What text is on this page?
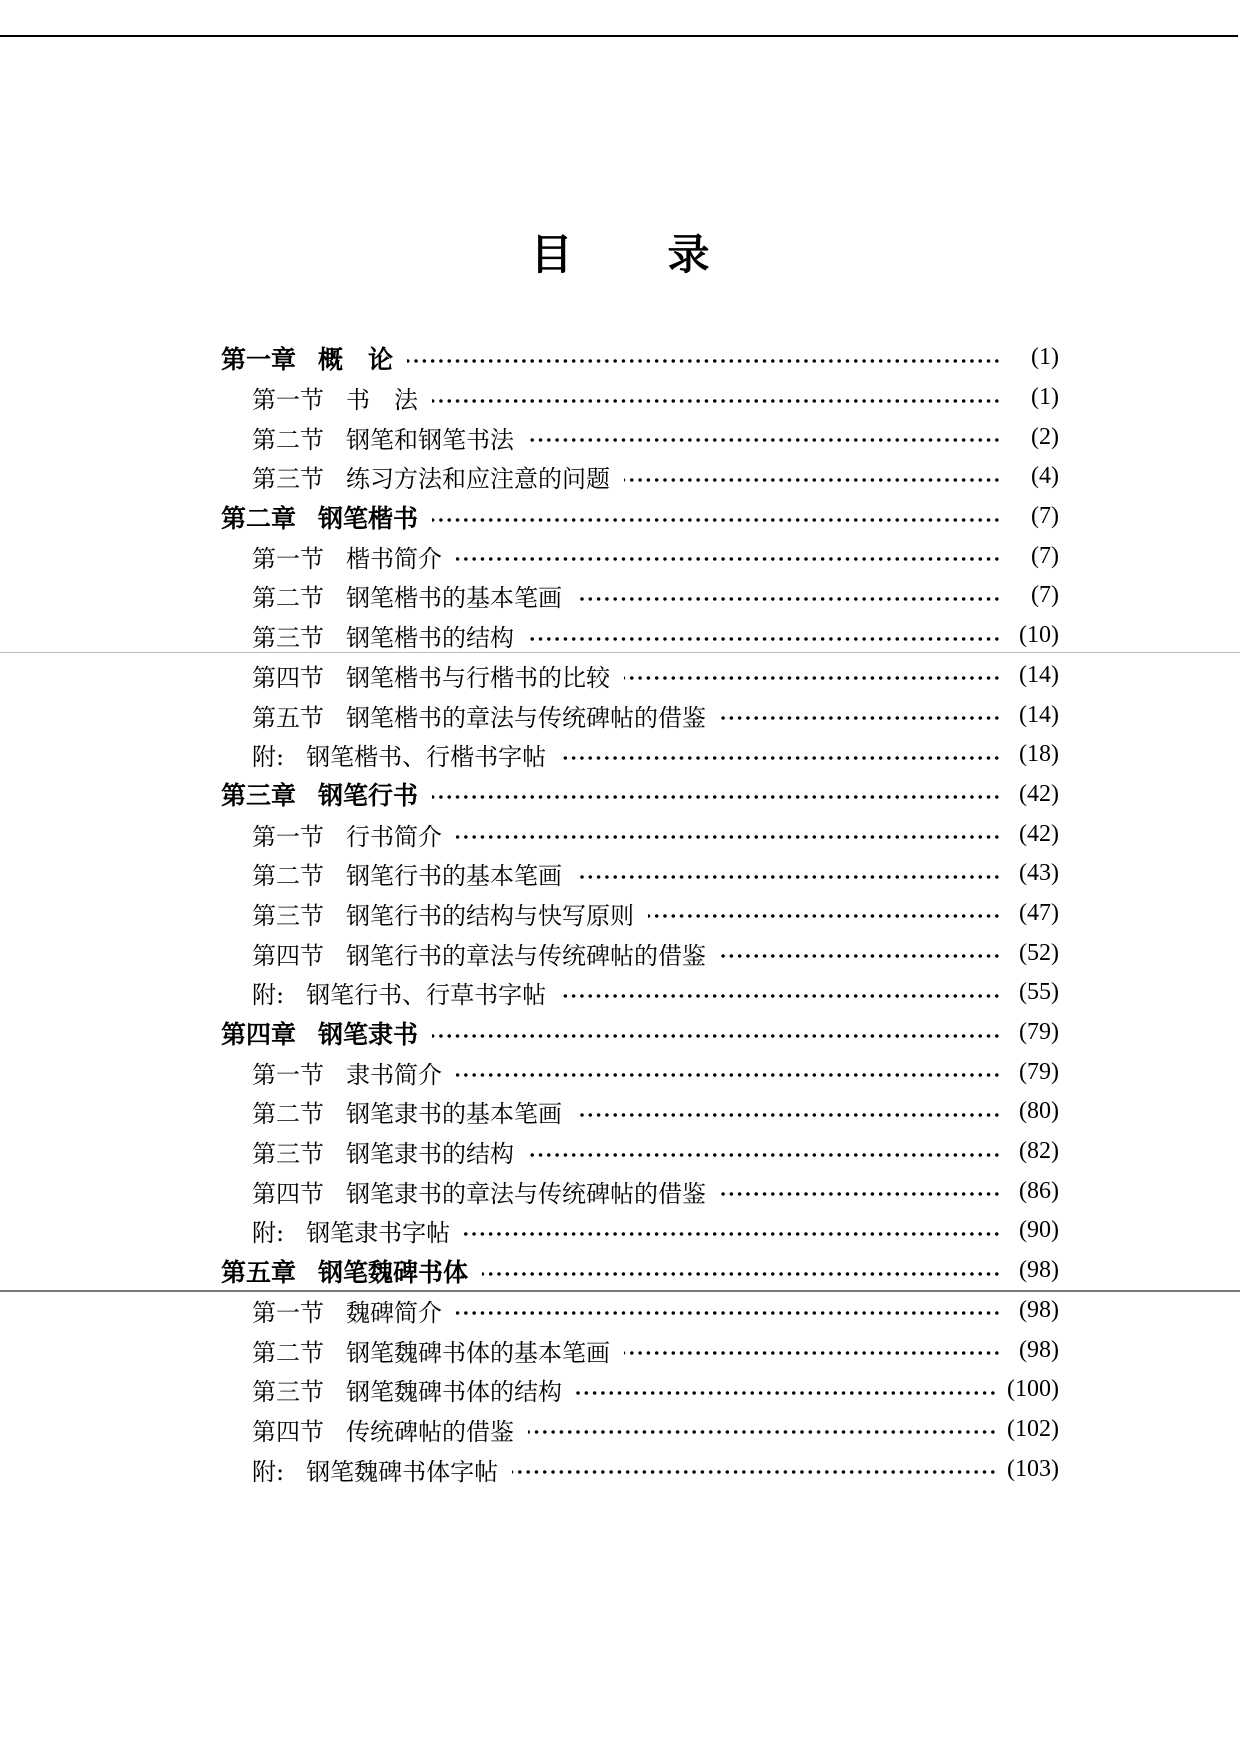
目 录
第一章 概　论	(1)
第一节 书　法	(1)
第二节 钢笔和钢笔书法	(2)
第三节 练习方法和应注意的问题	(4)
第二章 钢笔楷书	(7)
第一节 楷书简介	(7)
第二节 钢笔楷书的基本笔画	(7)
第三节 钢笔楷书的结构	(10)
第四节 钢笔楷书与行楷书的比较	(14)
第五节 钢笔楷书的章法与传统碑帖的借鉴	(14)
附: 钢笔楷书、行楷书字帖	(18)
第三章 钢笔行书	(42)
第一节 行书简介	(42)
第二节 钢笔行书的基本笔画	(43)
第三节 钢笔行书的结构与快写原则	(47)
第四节 钢笔行书的章法与传统碑帖的借鉴	(52)
附: 钢笔行书、行草书字帖	(55)
第四章 钢笔隶书	(79)
第一节 隶书简介	(79)
第二节 钢笔隶书的基本笔画	(80)
第三节 钢笔隶书的结构	(82)
第四节 钢笔隶书的章法与传统碑帖的借鉴	(86)
附: 钢笔隶书字帖	(90)
第五章 钢笔魏碑书体	(98)
第一节 魏碑简介	(98)
第二节 钢笔魏碑书体的基本笔画	(98)
第三节 钢笔魏碑书体的结构	(100)
第四节 传统碑帖的借鉴	(102)
附: 钢笔魏碑书体字帖	(103)
